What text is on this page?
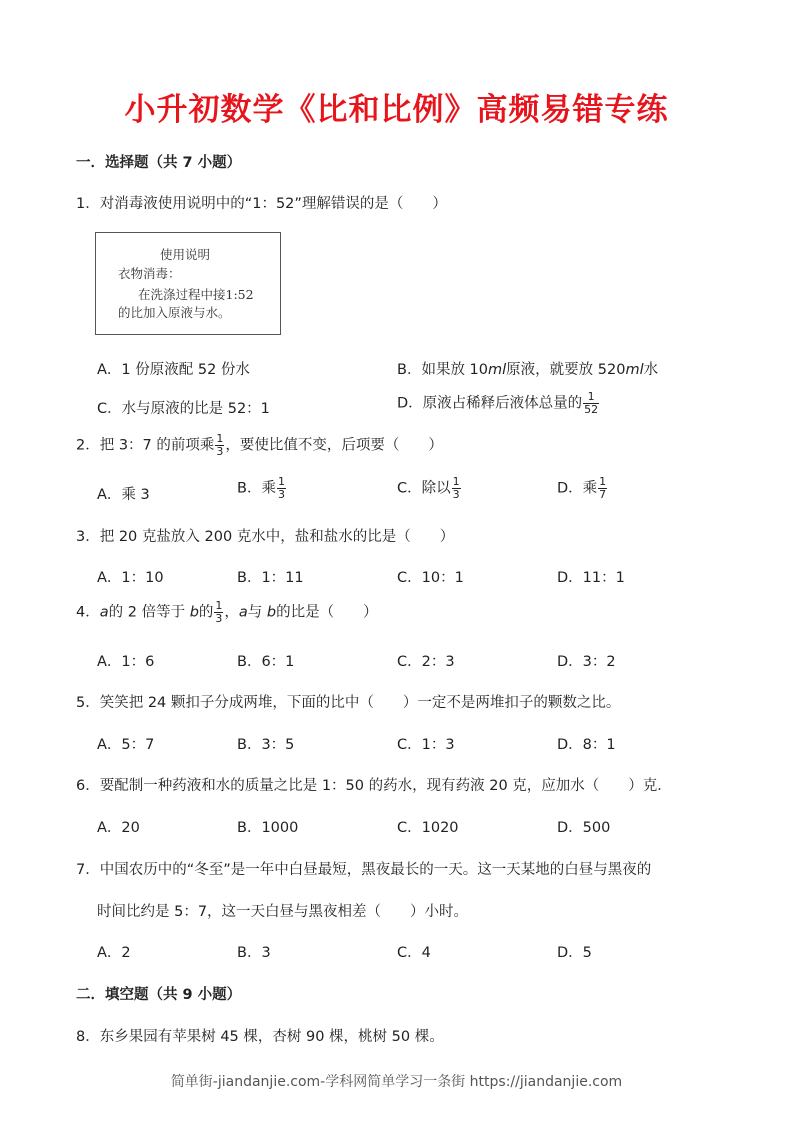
小升初数学《比和比例》高频易错专练
一．选择题（共 7 小题）
1．对消毒液使用说明中的“1：52”理解错误的是（　　）
使用说明
衣物消毒：
在洗涤过程中接1:52
的比加入原液与水。
A．1 份原液配 52 份水	B．如果放 10ml原液，就要放 520ml水
C．水与原液的比是 52：1	D．原液占稀释后液体总量的 $\frac{1}{52}$
2．把 3：7 的前项乘 $\frac{1}{3}$ ，要使比值不变，后项要（　　）
A．乘 3	B．乘 $\frac{1}{3}$	C．除以 $\frac{1}{3}$	D．乘 $\frac{1}{7}$
3．把 20 克盐放入 200 克水中，盐和盐水的比是（　　）
A．1：10	B．1：11	C．10：1	D．11：1
4．a的 2 倍等于 b的 $\frac{1}{3}$ ，a与 b的比是（　　）
A．1：6	B．6：1	C．2：3	D．3：2
5．笑笑把 24 颗扣子分成两堆，下面的比中（　　）一定不是两堆扣子的颗数之比。
A．5：7	B．3：5	C．1：3	D．8：1
6．要配制一种药液和水的质量之比是 1：50 的药水，现有药液 20 克，应加水（　　）克．
A．20	B．1000	C．1020	D．500
7．中国农历中的“冬至”是一年中白昼最短，黑夜最长的一天。这一天某地的白昼与黑夜的
时间比约是 5：7，这一天白昼与黑夜相差（　　）小时。
A．2	B．3	C．4	D．5
二．填空题（共 9 小题）
8．东乡果园有苹果树 45 棵，杏树 90 棵，桃树 50 棵。
简单街-jiandanjie.com-学科网简单学习一条街 https://jiandanjie.com
